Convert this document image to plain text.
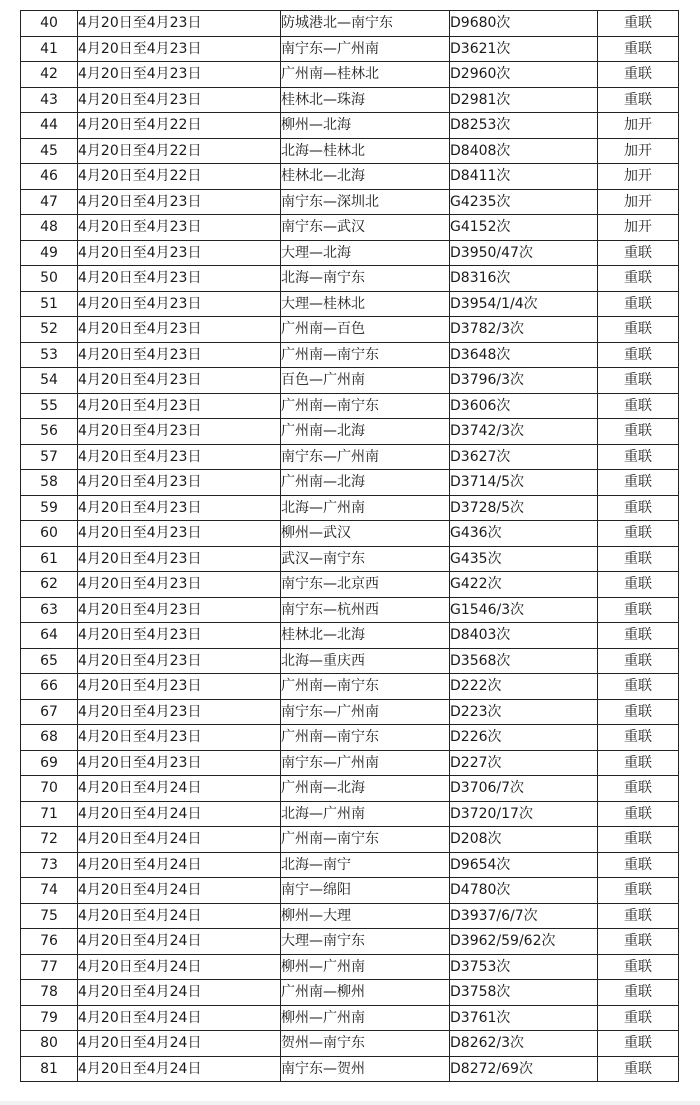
40	4月20日至4月23日	防城港北—南宁东	D9680次	重联
41	4月20日至4月23日	南宁东—广州南	D3621次	重联
42	4月20日至4月23日	广州南—桂林北	D2960次	重联
43	4月20日至4月23日	桂林北—珠海	D2981次	重联
44	4月20日至4月22日	柳州—北海	D8253次	加开
45	4月20日至4月22日	北海—桂林北	D8408次	加开
46	4月20日至4月22日	桂林北—北海	D8411次	加开
47	4月20日至4月23日	南宁东—深圳北	G4235次	加开
48	4月20日至4月23日	南宁东—武汉	G4152次	加开
49	4月20日至4月23日	大理—北海	D3950/47次	重联
50	4月20日至4月23日	北海—南宁东	D8316次	重联
51	4月20日至4月23日	大理—桂林北	D3954/1/4次	重联
52	4月20日至4月23日	广州南—百色	D3782/3次	重联
53	4月20日至4月23日	广州南—南宁东	D3648次	重联
54	4月20日至4月23日	百色—广州南	D3796/3次	重联
55	4月20日至4月23日	广州南—南宁东	D3606次	重联
56	4月20日至4月23日	广州南—北海	D3742/3次	重联
57	4月20日至4月23日	南宁东—广州南	D3627次	重联
58	4月20日至4月23日	广州南—北海	D3714/5次	重联
59	4月20日至4月23日	北海—广州南	D3728/5次	重联
60	4月20日至4月23日	柳州—武汉	G436次	重联
61	4月20日至4月23日	武汉—南宁东	G435次	重联
62	4月20日至4月23日	南宁东—北京西	G422次	重联
63	4月20日至4月23日	南宁东—杭州西	G1546/3次	重联
64	4月20日至4月23日	桂林北—北海	D8403次	重联
65	4月20日至4月23日	北海—重庆西	D3568次	重联
66	4月20日至4月23日	广州南—南宁东	D222次	重联
67	4月20日至4月23日	南宁东—广州南	D223次	重联
68	4月20日至4月23日	广州南—南宁东	D226次	重联
69	4月20日至4月23日	南宁东—广州南	D227次	重联
70	4月20日至4月24日	广州南—北海	D3706/7次	重联
71	4月20日至4月24日	北海—广州南	D3720/17次	重联
72	4月20日至4月24日	广州南—南宁东	D208次	重联
73	4月20日至4月24日	北海—南宁	D9654次	重联
74	4月20日至4月24日	南宁—绵阳	D4780次	重联
75	4月20日至4月24日	柳州—大理	D3937/6/7次	重联
76	4月20日至4月24日	大理—南宁东	D3962/59/62次	重联
77	4月20日至4月24日	柳州—广州南	D3753次	重联
78	4月20日至4月24日	广州南—柳州	D3758次	重联
79	4月20日至4月24日	柳州—广州南	D3761次	重联
80	4月20日至4月24日	贺州—南宁东	D8262/3次	重联
81	4月20日至4月24日	南宁东—贺州	D8272/69次	重联
